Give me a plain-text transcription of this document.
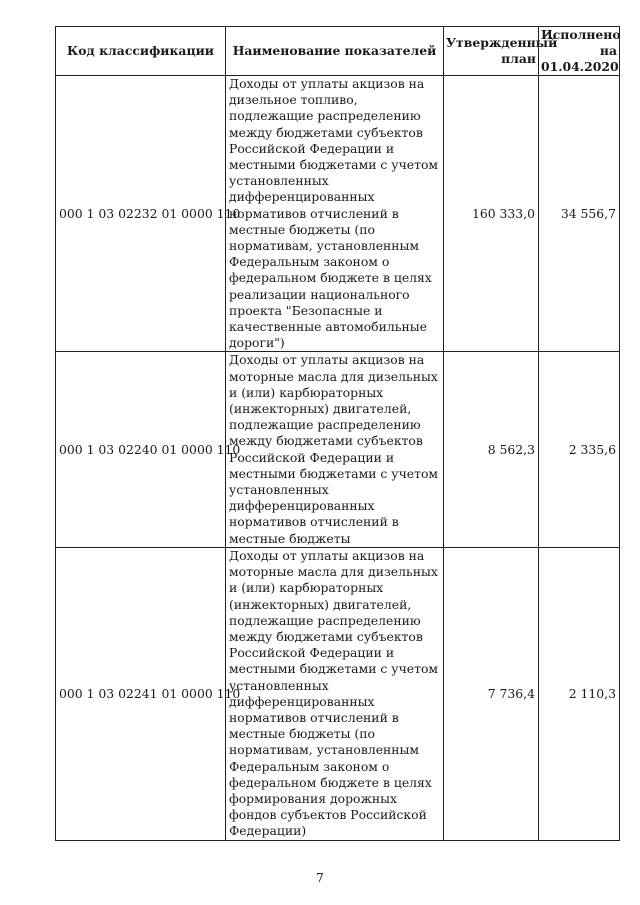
Код классификации	Наименование показателей	Утвержденный план	Исполнено на 01.04.2020
000 1 03 02232 01 0000 110	Доходы от уплаты акцизов на дизельное топливо, подлежащие распределению между бюджетами субъектов Российской Федерации и местными бюджетами с учетом установленных дифференцированных нормативов отчислений в местные бюджеты (по нормативам, установленным Федеральным законом о федеральном бюджете в целях реализации национального проекта "Безопасные и качественные автомобильные дороги")	160 333,0	34 556,7
000 1 03 02240 01 0000 110	Доходы от уплаты акцизов на моторные масла для дизельных и (или) карбюраторных (инжекторных) двигателей, подлежащие распределению между бюджетами субъектов Российской Федерации и местными бюджетами с учетом установленных дифференцированных нормативов отчислений в местные бюджеты	8 562,3	2 335,6
000 1 03 02241 01 0000 110	Доходы от уплаты акцизов на моторные масла для дизельных и (или) карбюраторных (инжекторных) двигателей, подлежащие распределению между бюджетами субъектов Российской Федерации и местными бюджетами с учетом установленных дифференцированных нормативов отчислений в местные бюджеты (по нормативам, установленным Федеральным законом о федеральном бюджете в целях формирования дорожных фондов субъектов Российской Федерации)	7 736,4	2 110,3
7
